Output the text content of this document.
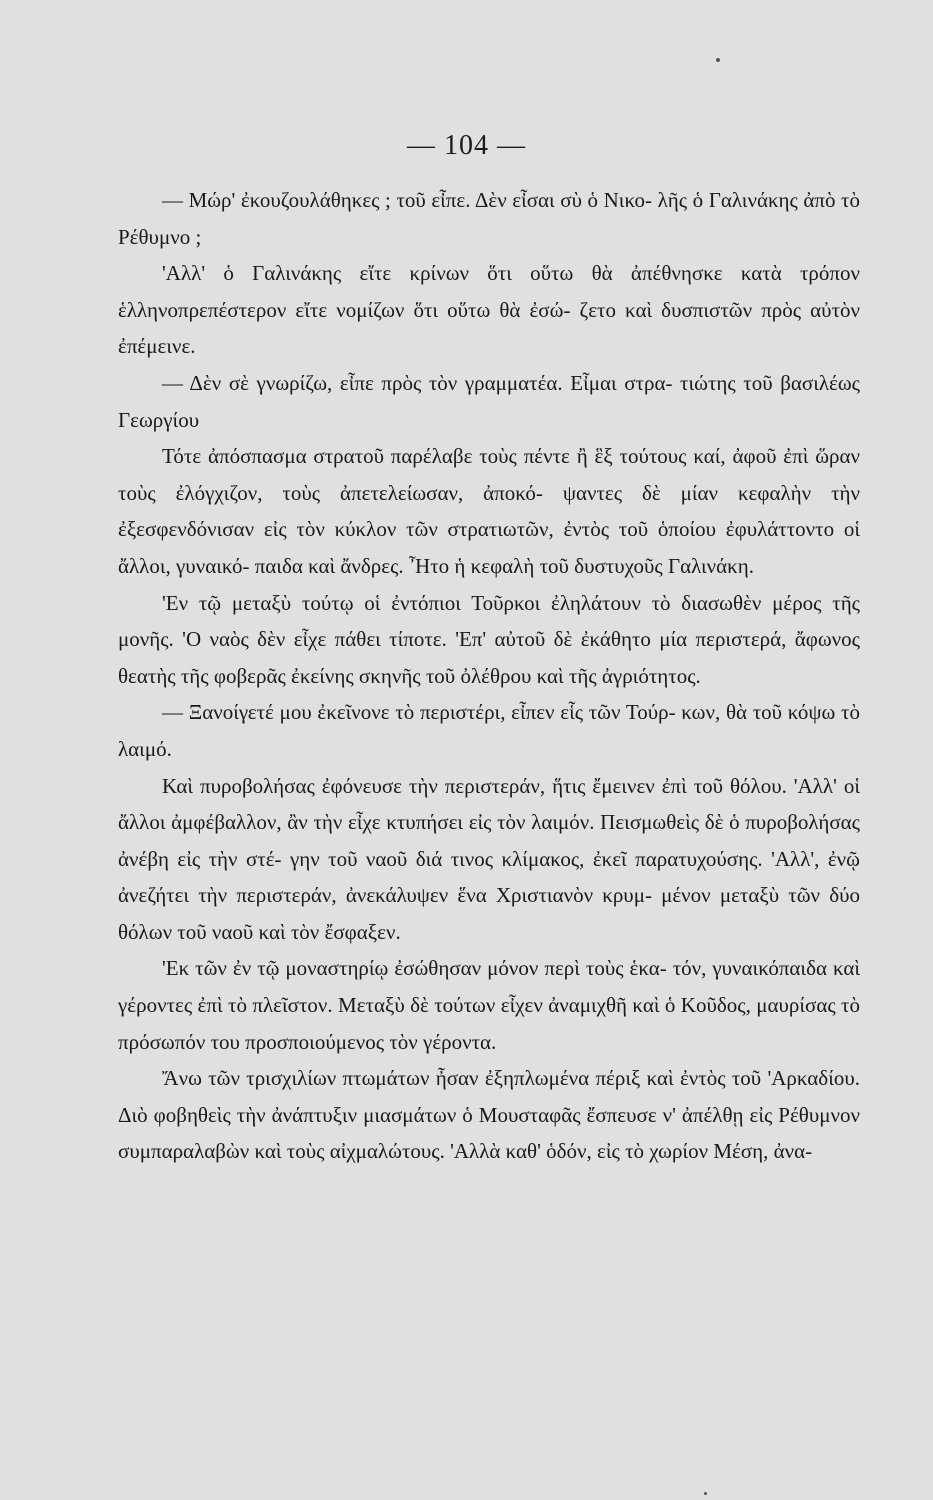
— 104 —

— Μώρ' ἐκουζουλάθηκες ; τοῦ εἶπε. Δὲν εἶσαι σὺ ὁ Νικο- λῆς ὁ Γαλινάκης ἀπὸ τὸ Ρέθυμνο ;

'Αλλ' ὁ Γαλινάκης εἴτε κρίνων ὅτι οὕτω θὰ ἀπέθνησκε κατὰ τρόπον ἑλληνοπρεπέστερον εἴτε νομίζων ὅτι οὕτω θὰ ἐσώ- ζετο καὶ δυσπιστῶν πρὸς αὐτὸν ἐπέμεινε.

— Δὲν σὲ γνωρίζω, εἶπε πρὸς τὸν γραμματέα. Εἶμαι στρα- τιώτης τοῦ βασιλέως Γεωργίου

Τότε ἀπόσπασμα στρατοῦ παρέλαβε τοὺς πέντε ἢ ἓξ τούτους καί, ἀφοῦ ἐπὶ ὥραν τοὺς ἐλόγχιζον, τοὺς ἀπετελείωσαν, ἀποκό- ψαντες δὲ μίαν κεφαλὴν τὴν ἐξεσφενδόνισαν εἰς τὸν κύκλον τῶν στρατιωτῶν, ἐντὸς τοῦ ὁποίου ἐφυλάττοντο οἱ ἄλλοι, γυναικό- παιδα καὶ ἄνδρες. Ἦτο ἡ κεφαλὴ τοῦ δυστυχοῦς Γαλινάκη.

'Εν τῷ μεταξὺ τούτῳ οἱ ἐντόπιοι Τοῦρκοι ἐληλάτουν τὸ διασωθὲν μέρος τῆς μονῆς. 'Ο ναὸς δὲν εἶχε πάθει τίποτε. 'Επ' αὐτοῦ δὲ ἐκάθητο μία περιστερά, ἄφωνος θεατὴς τῆς φοβερᾶς ἐκείνης σκηνῆς τοῦ ὀλέθρου καὶ τῆς ἀγριότητος.

— Ξανοίγετέ μου ἐκεῖνονε τὸ περιστέρι, εἶπεν εἷς τῶν Τούρ- κων, θὰ τοῦ κόψω τὸ λαιμό.

Καὶ πυροβολήσας ἐφόνευσε τὴν περιστεράν, ἥτις ἔμεινεν ἐπὶ τοῦ θόλου. 'Αλλ' οἱ ἄλλοι ἀμφέβαλλον, ἂν τὴν εἶχε κτυπήσει εἰς τὸν λαιμόν. Πεισμωθεὶς δὲ ὁ πυροβολήσας ἀνέβη εἰς τὴν στέ- γην τοῦ ναοῦ διά τινος κλίμακος, ἐκεῖ παρατυχούσης. 'Αλλ', ἐνῷ ἀνεζήτει τὴν περιστεράν, ἀνεκάλυψεν ἕνα Χριστιανὸν κρυμ- μένον μεταξὺ τῶν δύο θόλων τοῦ ναοῦ καὶ τὸν ἔσφαξεν.

'Εκ τῶν ἐν τῷ μοναστηρίῳ ἐσώθησαν μόνον περὶ τοὺς ἑκα- τόν, γυναικόπαιδα καὶ γέροντες ἐπὶ τὸ πλεῖστον. Μεταξὺ δὲ τούτων εἶχεν ἀναμιχθῆ καὶ ὁ Κοῦδος, μαυρίσας τὸ πρόσωπόν του προσποιούμενος τὸν γέροντα.

Ἄνω τῶν τρισχιλίων πτωμάτων ἦσαν ἐξηπλωμένα πέριξ καὶ ἐντὸς τοῦ 'Αρκαδίου. Διὸ φοβηθεὶς τὴν ἀνάπτυξιν μιασμάτων ὁ Μουσταφᾶς ἔσπευσε ν' ἀπέλθῃ εἰς Ρέθυμνον συμπαραλαβὼν καὶ τοὺς αἰχμαλώτους. 'Αλλὰ καθ' ὁδόν, εἰς τὸ χωρίον Μέση, ἀνα-
